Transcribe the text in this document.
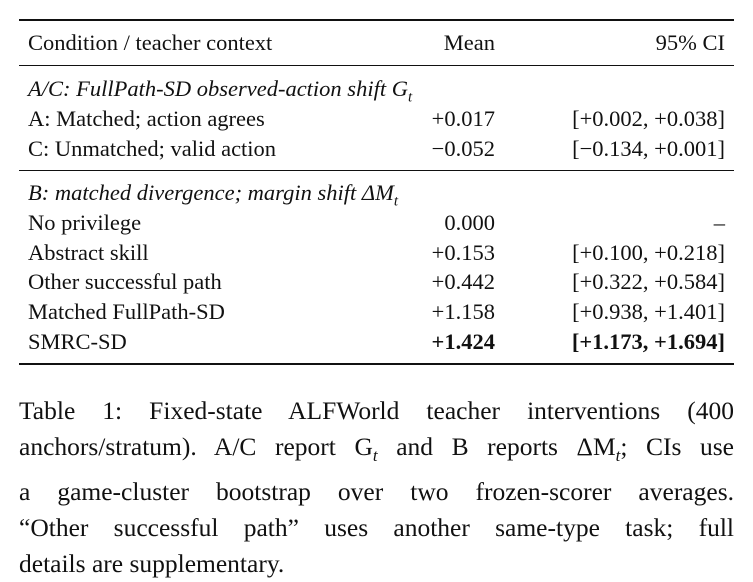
Condition / teacher context	Mean	95% CI
A/C: FullPath-SD observed-action shift $G_t$
A: Matched; action agrees	+0.017	[+0.002, +0.038]
C: Unmatched; valid action	−0.052	[−0.134, +0.001]
B: matched divergence; margin shift $\Delta M_t$
No privilege	0.000	–
Abstract skill	+0.153	[+0.100, +0.218]
Other successful path	+0.442	[+0.322, +0.584]
Matched FullPath-SD	+1.158	[+0.938, +1.401]
SMRC-SD	+1.424	[+1.173, +1.694]
Table 1: Fixed-state ALFWorld teacher interventions (400
anchors/stratum). A/C report $G_t$ and B reports $\Delta M_t$; CIs use
a game-cluster bootstrap over two frozen-scorer averages.
“Other successful path” uses another same-type task; full
details are supplementary.
